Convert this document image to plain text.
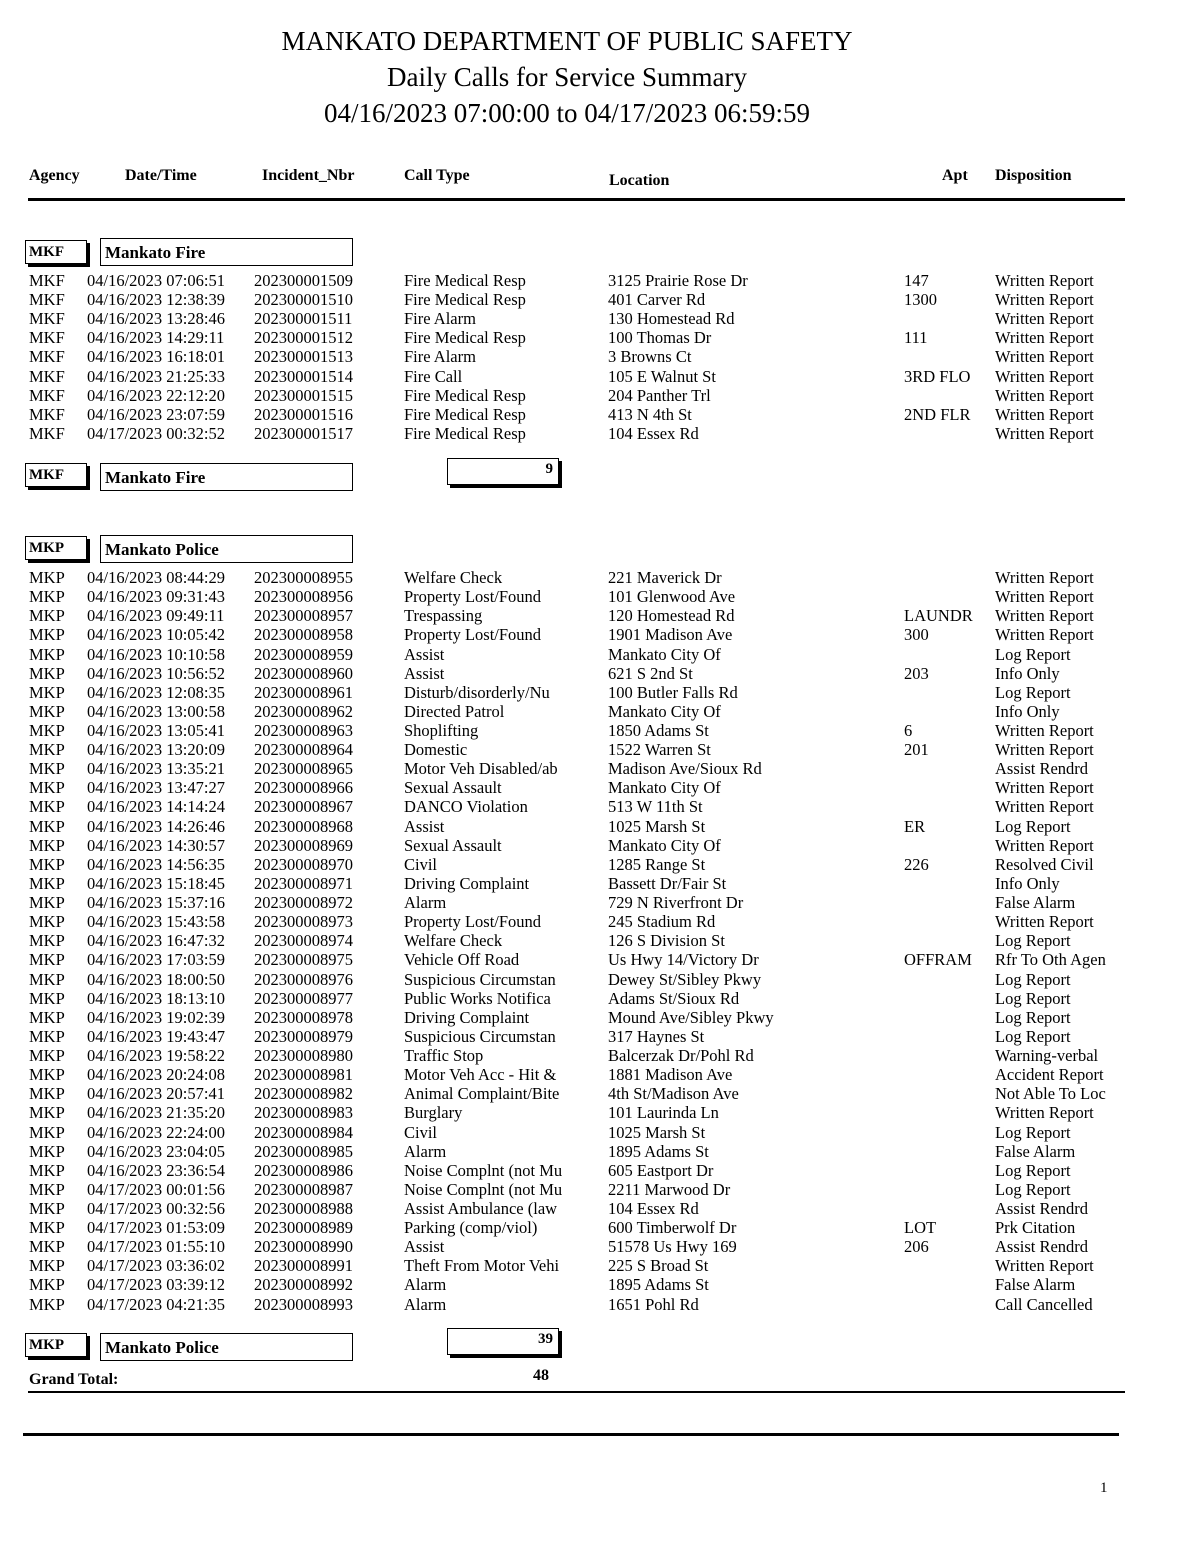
MANKATO DEPARTMENT OF PUBLIC SAFETY
Daily Calls for Service Summary
04/16/2023 07:00:00 to 04/17/2023 06:59:59
Agency	Date/Time	Incident_Nbr	Call Type	Location	Apt Disposition
MKF	Mankato Fire
MKF 04/16/2023 07:06:51 202300001509	Fire Medical Resp	3125 Prairie Rose Dr	147	Written Report
MKF 04/16/2023 12:38:39 202300001510	Fire Medical Resp	401 Carver Rd	1300	Written Report
MKF 04/16/2023 13:28:46 202300001511	Fire Alarm	130 Homestead Rd	Written Report
MKF 04/16/2023 14:29:11 202300001512	Fire Medical Resp	100 Thomas Dr	111	Written Report
MKF 04/16/2023 16:18:01 202300001513	Fire Alarm	3 Browns Ct	Written Report
MKF 04/16/2023 21:25:33 202300001514	Fire Call	105 E Walnut St	3RD FLO Written Report
MKF 04/16/2023 22:12:20 202300001515	Fire Medical Resp	204 Panther Trl	Written Report
MKF 04/16/2023 23:07:59 202300001516	Fire Medical Resp	413 N 4th St	2ND FLR Written Report
MKF 04/17/2023 00:32:52 202300001517	Fire Medical Resp	104 Essex Rd	Written Report
MKF	Mankato Fire	9
MKP	Mankato Police
MKP 04/16/2023 08:44:29 202300008955	Welfare Check	221 Maverick Dr	Written Report
MKP 04/16/2023 09:31:43 202300008956	Property Lost/Found	101 Glenwood Ave	Written Report
MKP 04/16/2023 09:49:11 202300008957	Trespassing	120 Homestead Rd	LAUNDR Written Report
MKP 04/16/2023 10:05:42 202300008958	Property Lost/Found	1901 Madison Ave	300	Written Report
MKP 04/16/2023 10:10:58 202300008959	Assist	Mankato City Of	Log Report
MKP 04/16/2023 10:56:52 202300008960	Assist	621 S 2nd St	203	Info Only
MKP 04/16/2023 12:08:35 202300008961	Disturb/disorderly/Nu	100 Butler Falls Rd	Log Report
MKP 04/16/2023 13:00:58 202300008962	Directed Patrol	Mankato City Of	Info Only
MKP 04/16/2023 13:05:41 202300008963	Shoplifting	1850 Adams St	6	Written Report
MKP 04/16/2023 13:20:09 202300008964	Domestic	1522 Warren St	201	Written Report
MKP 04/16/2023 13:35:21 202300008965	Motor Veh Disabled/ab	Madison Ave/Sioux Rd	Assist Rendrd
MKP 04/16/2023 13:47:27 202300008966	Sexual Assault	Mankato City Of	Written Report
MKP 04/16/2023 14:14:24 202300008967	DANCO Violation	513 W 11th St	Written Report
MKP 04/16/2023 14:26:46 202300008968	Assist	1025 Marsh St	ER	Log Report
MKP 04/16/2023 14:30:57 202300008969	Sexual Assault	Mankato City Of	Written Report
MKP 04/16/2023 14:56:35 202300008970	Civil	1285 Range St	226	Resolved Civil
MKP 04/16/2023 15:18:45 202300008971	Driving Complaint	Bassett Dr/Fair St	Info Only
MKP 04/16/2023 15:37:16 202300008972	Alarm	729 N Riverfront Dr	False Alarm
MKP 04/16/2023 15:43:58 202300008973	Property Lost/Found	245 Stadium Rd	Written Report
MKP 04/16/2023 16:47:32 202300008974	Welfare Check	126 S Division St	Log Report
MKP 04/16/2023 17:03:59 202300008975	Vehicle Off Road	Us Hwy 14/Victory Dr	OFFRAM Rfr To Oth Agen
MKP 04/16/2023 18:00:50 202300008976	Suspicious Circumstan	Dewey St/Sibley Pkwy	Log Report
MKP 04/16/2023 18:13:10 202300008977	Public Works Notifica	Adams St/Sioux Rd	Log Report
MKP 04/16/2023 19:02:39 202300008978	Driving Complaint	Mound Ave/Sibley Pkwy	Log Report
MKP 04/16/2023 19:43:47 202300008979	Suspicious Circumstan	317 Haynes St	Log Report
MKP 04/16/2023 19:58:22 202300008980	Traffic Stop	Balcerzak Dr/Pohl Rd	Warning-verbal
MKP 04/16/2023 20:24:08 202300008981	Motor Veh Acc - Hit &	1881 Madison Ave	Accident Report
MKP 04/16/2023 20:57:41 202300008982	Animal Complaint/Bite	4th St/Madison Ave	Not Able To Loc
MKP 04/16/2023 21:35:20 202300008983	Burglary	101 Laurinda Ln	Written Report
MKP 04/16/2023 22:24:00 202300008984	Civil	1025 Marsh St	Log Report
MKP 04/16/2023 23:04:05 202300008985	Alarm	1895 Adams St	False Alarm
MKP 04/16/2023 23:36:54 202300008986	Noise Complnt (not Mu	605 Eastport Dr	Log Report
MKP 04/17/2023 00:01:56 202300008987	Noise Complnt (not Mu	2211 Marwood Dr	Log Report
MKP 04/17/2023 00:32:56 202300008988	Assist Ambulance (law	104 Essex Rd	Assist Rendrd
MKP 04/17/2023 01:53:09 202300008989	Parking (comp/viol)	600 Timberwolf Dr	LOT	Prk Citation
MKP 04/17/2023 01:55:10 202300008990	Assist	51578 Us Hwy 169	206	Assist Rendrd
MKP 04/17/2023 03:36:02 202300008991	Theft From Motor Vehi	225 S Broad St	Written Report
MKP 04/17/2023 03:39:12 202300008992	Alarm	1895 Adams St	False Alarm
MKP 04/17/2023 04:21:35 202300008993	Alarm	1651 Pohl Rd	Call Cancelled
MKP	Mankato Police	39
Grand Total:	48
1
